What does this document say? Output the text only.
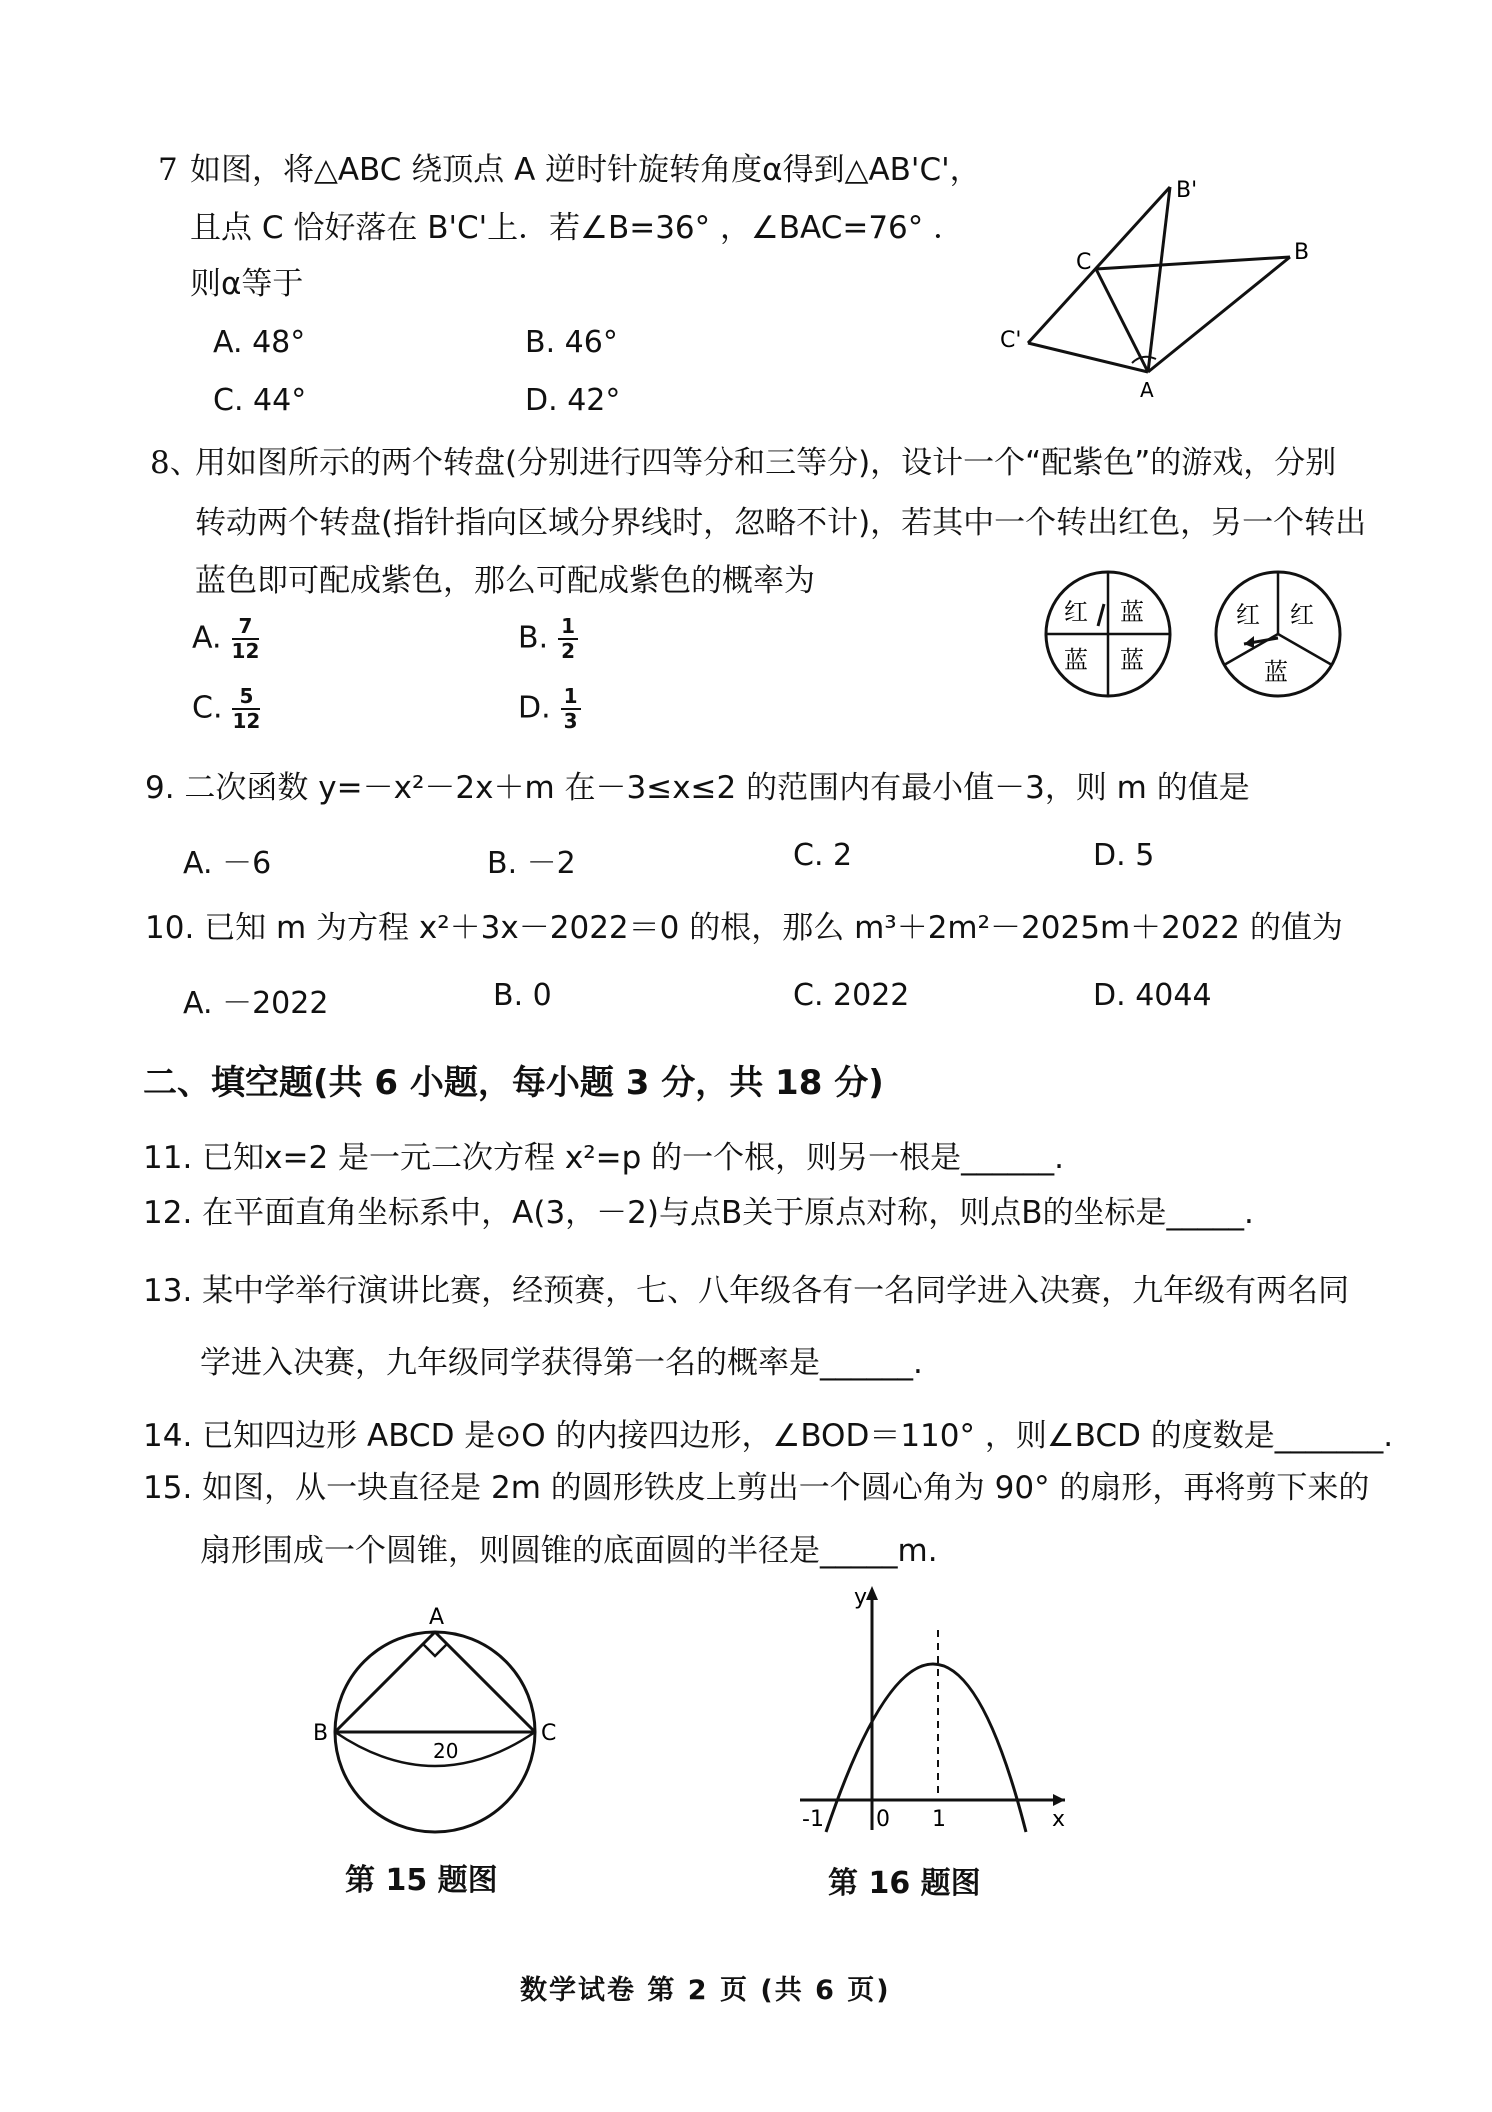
7 如图，将△ABC 绕顶点 A 逆时针旋转角度α得到△AB'C'，
且点 C 恰好落在 B'C'上．若∠B=36° ，∠BAC=76° ．
则α等于
A. 48°	B. 46°
C. 44°	D. 42°
B'
C	B
C'
A
8、
用如图所示的两个转盘(分别进行四等分和三等分)，设计一个“配紫色”的游戏，分别
转动两个转盘(指针指向区域分界线时，忽略不计)，若其中一个转出红色，另一个转出
蓝色即可配成紫色，那么可配成紫色的概率为
A. $\frac{7}{12}$	B. $\frac{1}{2}$
C. $\frac{5}{12}$	D. $\frac{1}{3}$
红 蓝
蓝 蓝
红 红
蓝
9. 二次函数 y=－x²－2x＋m 在－3≤x≤2 的范围内有最小值－3，则 m 的值是
A. －6	B. －2	C. 2	D. 5
10. 已知 m 为方程 x²＋3x－2022＝0 的根，那么 m³＋2m²－2025m＋2022 的值为
A. －2022	B. 0	C. 2022	D. 4044
二、填空题(共 6 小题，每小题 3 分，共 18 分)
11. 已知x=2 是一元二次方程 x²=p 的一个根，则另一根是______.
12. 在平面直角坐标系中，A(3，－2)与点B关于原点对称，则点B的坐标是_____.
13. 某中学举行演讲比赛，经预赛，七、八年级各有一名同学进入决赛，九年级有两名同
学进入决赛，九年级同学获得第一名的概率是______.
14. 已知四边形 ABCD 是⊙O 的内接四边形，∠BOD＝110° ，则∠BCD 的度数是_______.
15. 如图，从一块直径是 2m 的圆形铁皮上剪出一个圆心角为 90° 的扇形，再将剪下来的
扇形围成一个圆锥，则圆锥的底面圆的半径是_____m.
A
B	C
20
第 15 题图
y
x
-1 0 1
第 16 题图
数学试卷 第 2 页 (共 6 页)
